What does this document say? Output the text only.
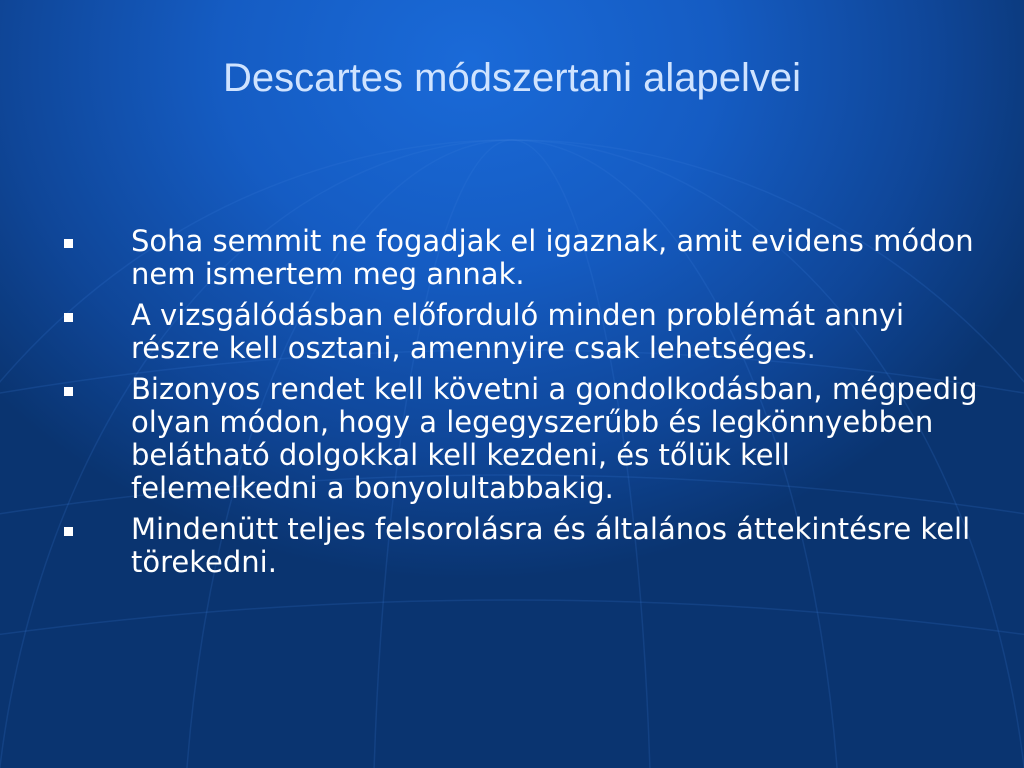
Descartes módszertani alapelvei
Soha semmit ne fogadjak el igaznak, amit evidens módon nem ismertem meg annak.
A vizsgálódásban előforduló minden problémát annyi részre kell osztani, amennyire csak lehetséges.
Bizonyos rendet kell követni a gondolkodásban, mégpedig olyan módon, hogy a legegyszerűbb és legkönnyebben belátható dolgokkal kell kezdeni, és tőlük kell felemelkedni a bonyolultabbakig.
Mindenütt teljes felsorolásra és általános áttekintésre kell törekedni.
